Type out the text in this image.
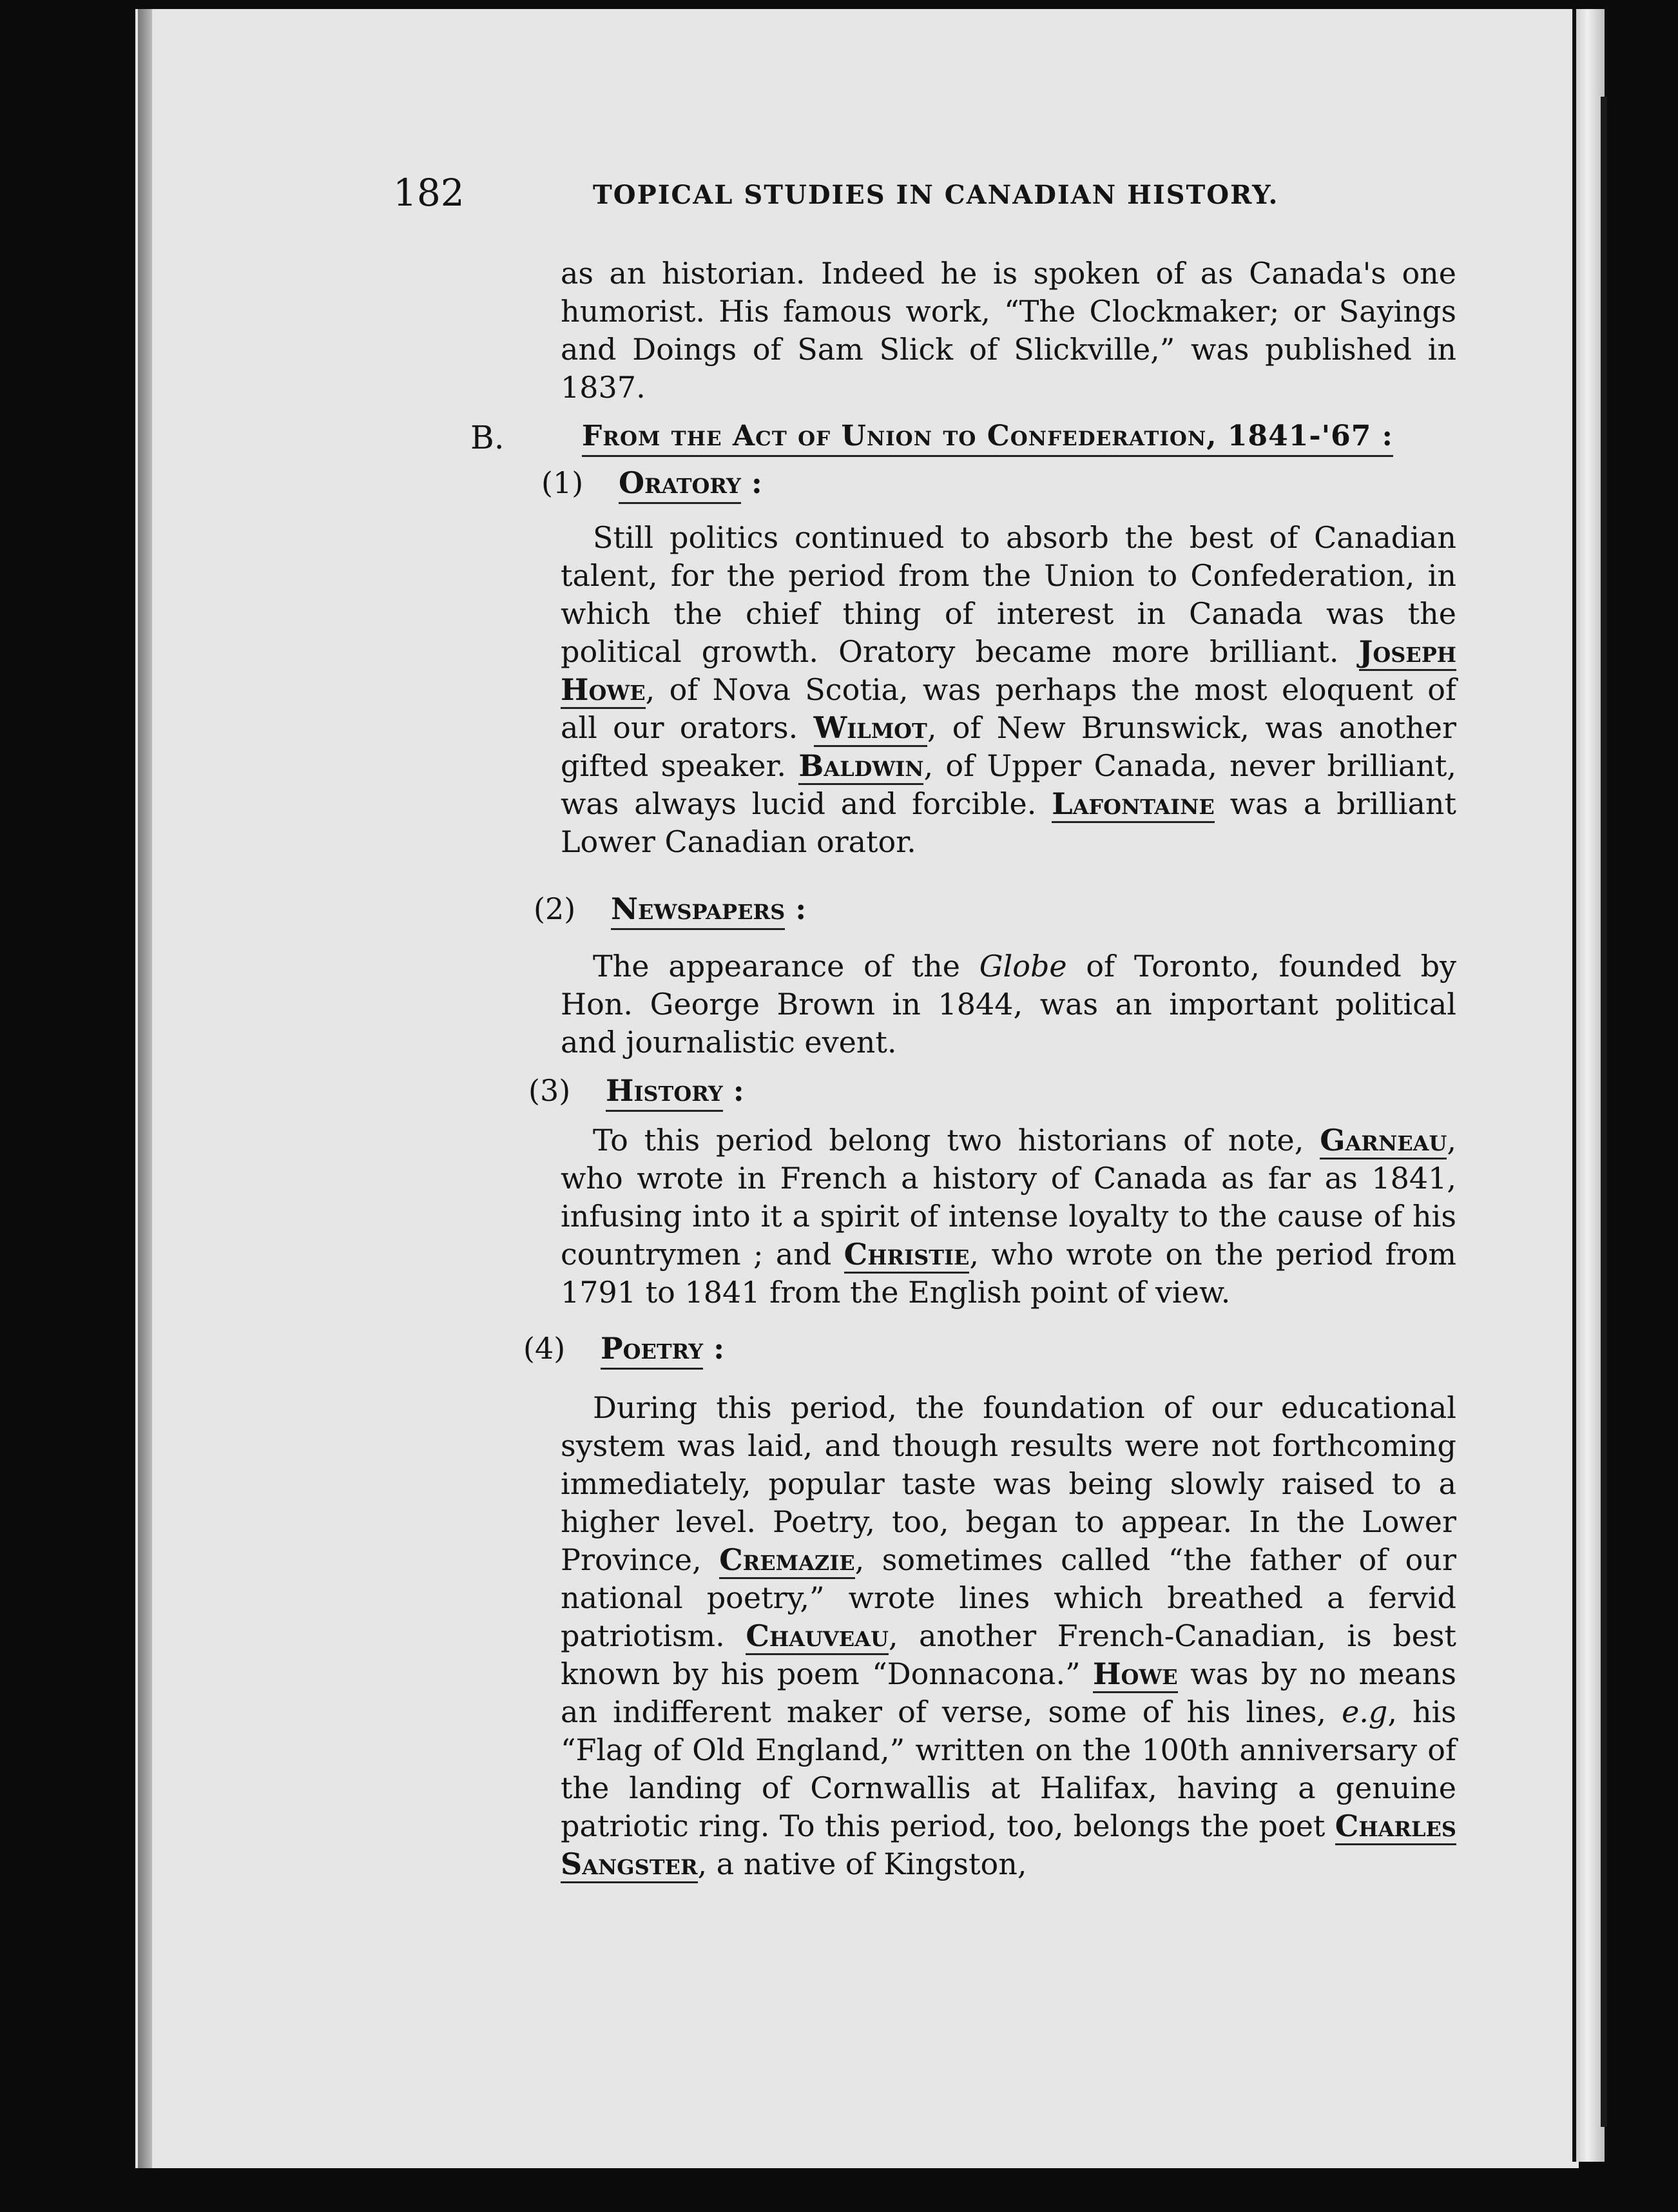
182	TOPICAL STUDIES IN CANADIAN HISTORY.
as an historian. Indeed he is spoken of as Canada's one humorist. His famous work, “The Clockmaker; or Sayings and Doings of Sam Slick of Slickville,” was published in 1837.
B.	From the Act of Union to Confederation, 1841-'67 :
(1) Oratory :
Still politics continued to absorb the best of Canadian talent, for the period from the Union to Confederation, in which the chief thing of interest in Canada was the political growth. Oratory became more brilliant. Joseph Howe, of Nova Scotia, was perhaps the most eloquent of all our orators. Wilmot, of New Brunswick, was another gifted speaker. Baldwin, of Upper Canada, never brilliant, was always lucid and forcible. Lafontaine was a brilliant Lower Canadian orator.
(2) Newspapers :
The appearance of the Globe of Toronto, founded by Hon. George Brown in 1844, was an important political and journalistic event.
(3) History :
To this period belong two historians of note, Garneau, who wrote in French a history of Canada as far as 1841, infusing into it a spirit of intense loyalty to the cause of his countrymen ; and Christie, who wrote on the period from 1791 to 1841 from the English point of view.
(4) Poetry :
During this period, the foundation of our educational system was laid, and though results were not forthcoming immediately, popular taste was being slowly raised to a higher level. Poetry, too, began to appear. In the Lower Province, Cremazie, sometimes called “the father of our national poetry,” wrote lines which breathed a fervid patriotism. Chauveau, another French-Canadian, is best known by his poem “Donnacona.” Howe was by no means an indifferent maker of verse, some of his lines, e.g, his “Flag of Old England,” written on the 100th anniversary of the landing of Cornwallis at Halifax, having a genuine patriotic ring. To this period, too, belongs the poet Charles Sangster, a native of Kingston,
